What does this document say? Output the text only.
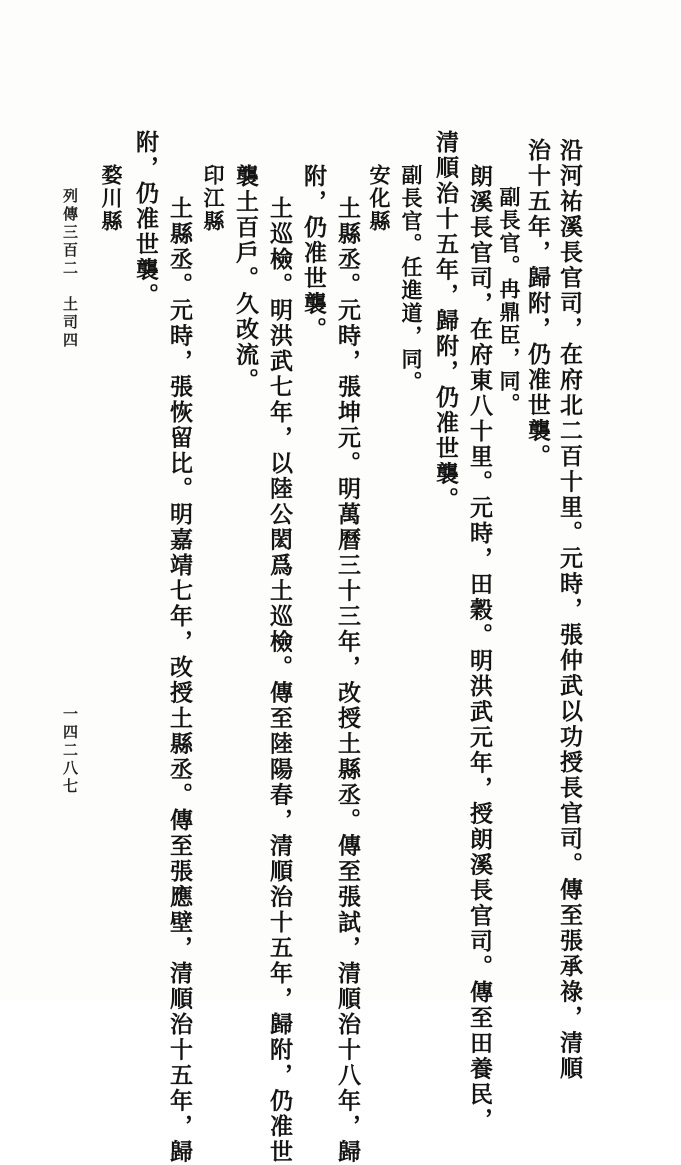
沿河祐溪長官司，在府北二百十里。元時，張仲武以功授長官司。傳至張承祿，清順
治十五年，歸附，仍准世襲。
副長官。冉鼎臣，同。
朗溪長官司，在府東八十里。元時，田穀。明洪武元年，授朗溪長官司。傳至田養民，
清順治十五年，歸附，仍准世襲。
副長官。任進道，同。
安化縣
土縣丞。元時，張坤元。明萬曆三十三年，改授土縣丞。傳至張試，清順治十八年，歸
附，仍准世襲。
土巡檢。明洪武七年，以陸公閎爲土巡檢。傳至陸陽春，清順治十五年，歸附，仍准世
襲土百戶。久改流。
印江縣
土縣丞。元時，張恢留比。明嘉靖七年，改授土縣丞。傳至張應壁，清順治十五年，歸
附，仍准世襲。
婺川縣
列傳三百二
土司四
一四二八七
